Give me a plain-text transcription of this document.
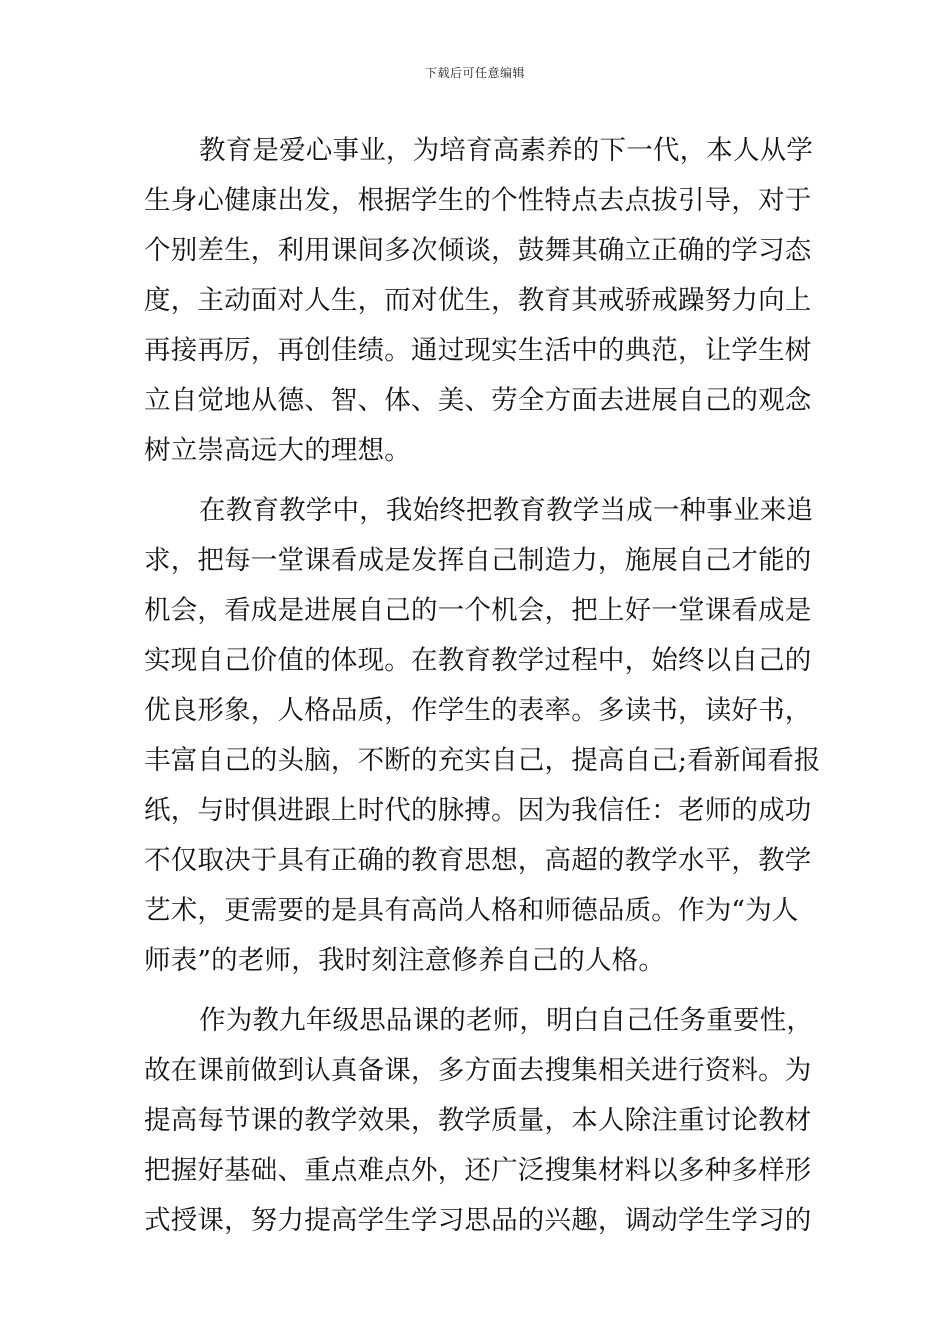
下载后可任意编辑
教育是爱心事业，为培育高素养的下一代，本人从学
生身心健康出发，根据学生的个性特点去点拔引导，对于
个别差生，利用课间多次倾谈，鼓舞其确立正确的学习态
度，主动面对人生，而对优生，教育其戒骄戒躁努力向上
再接再厉，再创佳绩。通过现实生活中的典范，让学生树
立自觉地从德、智、体、美、劳全方面去进展自己的观念
树立崇高远大的理想。
在教育教学中，我始终把教育教学当成一种事业来追
求，把每一堂课看成是发挥自己制造力，施展自己才能的
机会，看成是进展自己的一个机会，把上好一堂课看成是
实现自己价值的体现。在教育教学过程中，始终以自己的
优良形象，人格品质，作学生的表率。多读书，读好书，
丰富自己的头脑，不断的充实自己，提高自己;看新闻看报
纸，与时俱进跟上时代的脉搏。因为我信任：老师的成功
不仅取决于具有正确的教育思想，高超的教学水平，教学
艺术，更需要的是具有高尚人格和师德品质。作为“为人
师表”的老师，我时刻注意修养自己的人格。
作为教九年级思品课的老师，明白自己任务重要性，
故在课前做到认真备课，多方面去搜集相关进行资料。为
提高每节课的教学效果，教学质量，本人除注重讨论教材
把握好基础、重点难点外，还广泛搜集材料以多种多样形
式授课，努力提高学生学习思品的兴趣，调动学生学习的
